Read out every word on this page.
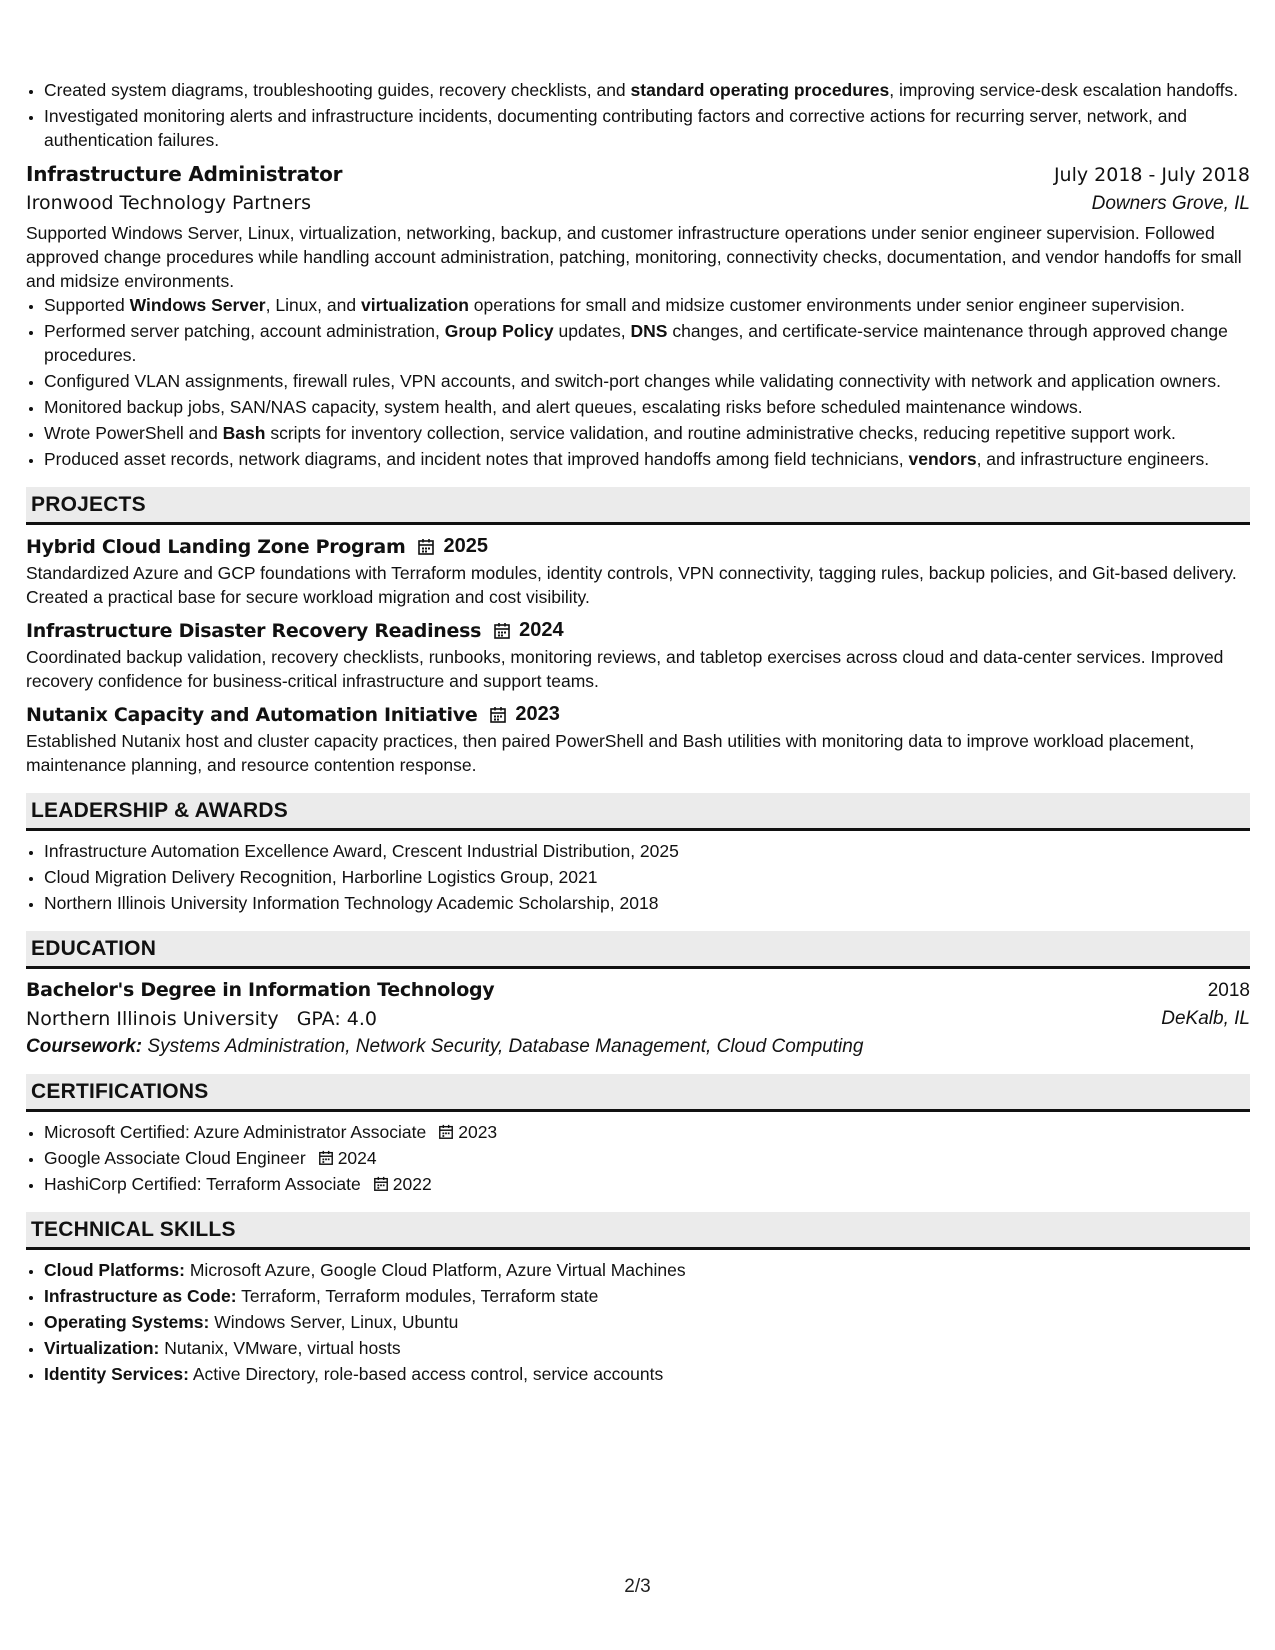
• Created system diagrams, troubleshooting guides, recovery checklists, and standard operating procedures, improving service-desk escalation handoffs.
• Investigated monitoring alerts and infrastructure incidents, documenting contributing factors and corrective actions for recurring server, network, and authentication failures.
Infrastructure Administrator	July 2018 - July 2018
Ironwood Technology Partners	Downers Grove, IL

Supported Windows Server, Linux, virtualization, networking, backup, and customer infrastructure operations under senior engineer supervision. Followed approved change procedures while handling account administration, patching, monitoring, connectivity checks, documentation, and vendor handoffs for small and midsize environments.

• Supported Windows Server, Linux, and virtualization operations for small and midsize customer environments under senior engineer supervision.
• Performed server patching, account administration, Group Policy updates, DNS changes, and certificate-service maintenance through approved change procedures.
• Configured VLAN assignments, firewall rules, VPN accounts, and switch-port changes while validating connectivity with network and application owners.
• Monitored backup jobs, SAN/NAS capacity, system health, and alert queues, escalating risks before scheduled maintenance windows.
• Wrote PowerShell and Bash scripts for inventory collection, service validation, and routine administrative checks, reducing repetitive support work.
• Produced asset records, network diagrams, and incident notes that improved handoffs among field technicians, vendors, and infrastructure engineers.
PROJECTS
Hybrid Cloud Landing Zone Program 2025

Standardized Azure and GCP foundations with Terraform modules, identity controls, VPN connectivity, tagging rules, backup policies, and Git-based delivery. Created a practical base for secure workload migration and cost visibility.

Infrastructure Disaster Recovery Readiness 2024

Coordinated backup validation, recovery checklists, runbooks, monitoring reviews, and tabletop exercises across cloud and data-center services. Improved recovery confidence for business-critical infrastructure and support teams.

Nutanix Capacity and Automation Initiative 2023

Established Nutanix host and cluster capacity practices, then paired PowerShell and Bash utilities with monitoring data to improve workload placement, maintenance planning, and resource contention response.

LEADERSHIP & AWARDS
• Infrastructure Automation Excellence Award, Crescent Industrial Distribution, 2025
• Cloud Migration Delivery Recognition, Harborline Logistics Group, 2021
• Northern Illinois University Information Technology Academic Scholarship, 2018
EDUCATION
Bachelor's Degree in Information Technology	2018
Northern Illinois University GPA: 4.0	DeKalb, IL
Coursework: Systems Administration, Network Security, Database Management, Cloud Computing
CERTIFICATIONS
• Microsoft Certified: Azure Administrator Associate 2023
• Google Associate Cloud Engineer 2024
• HashiCorp Certified: Terraform Associate 2022
TECHNICAL SKILLS
• Cloud Platforms: Microsoft Azure, Google Cloud Platform, Azure Virtual Machines
• Infrastructure as Code: Terraform, Terraform modules, Terraform state
• Operating Systems: Windows Server, Linux, Ubuntu
• Virtualization: Nutanix, VMware, virtual hosts
• Identity Services: Active Directory, role-based access control, service accounts
2/3
